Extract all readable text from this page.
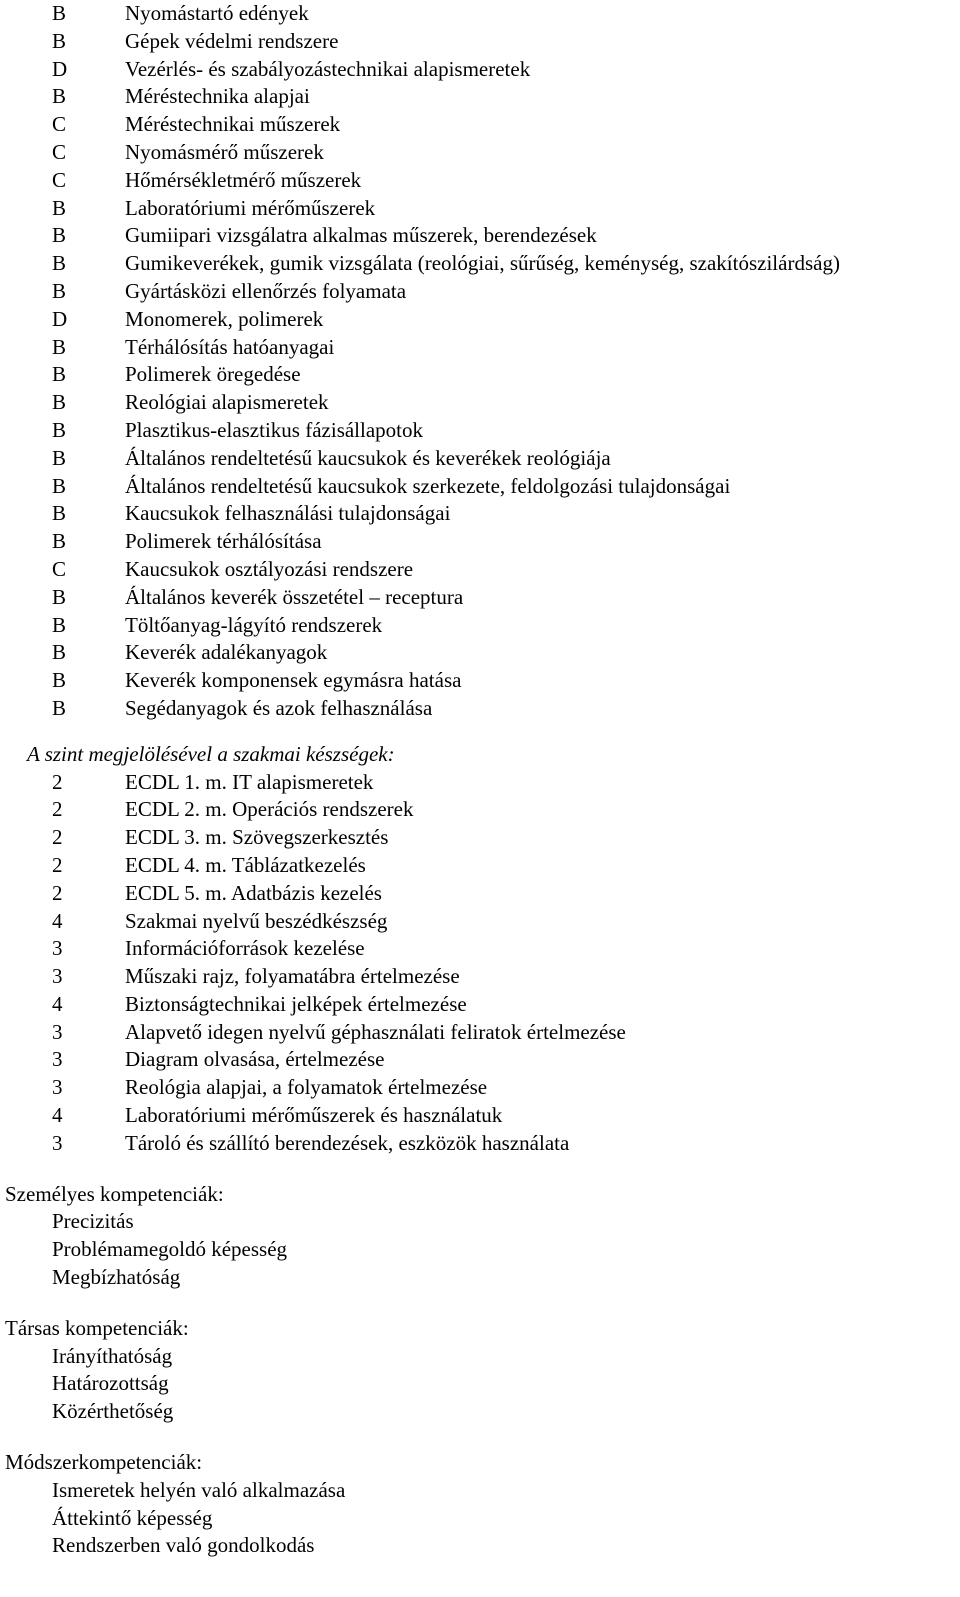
B	Nyomástartó edények
B	Gépek védelmi rendszere
D	Vezérlés- és szabályozástechnikai alapismeretek
B	Méréstechnika alapjai
C	Méréstechnikai műszerek
C	Nyomásmérő műszerek
C	Hőmérsékletmérő műszerek
B	Laboratóriumi mérőműszerek
B	Gumiipari vizsgálatra alkalmas műszerek, berendezések
B	Gumikeverékek, gumik vizsgálata (reológiai, sűrűség, keménység, szakítószilárdság)
B	Gyártásközi ellenőrzés folyamata
D	Monomerek, polimerek
B	Térhálósítás hatóanyagai
B	Polimerek öregedése
B	Reológiai alapismeretek
B	Plasztikus-elasztikus fázisállapotok
B	Általános rendeltetésű kaucsukok és keverékek reológiája
B	Általános rendeltetésű kaucsukok szerkezete, feldolgozási tulajdonságai
B	Kaucsukok felhasználási tulajdonságai
B	Polimerek térhálósítása
C	Kaucsukok osztályozási rendszere
B	Általános keverék összetétel – receptura
B	Töltőanyag-lágyító rendszerek
B	Keverék adalékanyagok
B	Keverék komponensek egymásra hatása
B	Segédanyagok és azok felhasználása
A szint megjelölésével a szakmai készségek:
2	ECDL 1. m. IT alapismeretek
2	ECDL 2. m. Operációs rendszerek
2	ECDL 3. m. Szövegszerkesztés
2	ECDL 4. m. Táblázatkezelés
2	ECDL 5. m. Adatbázis kezelés
4	Szakmai nyelvű beszédkészség
3	Információforrások kezelése
3	Műszaki rajz, folyamatábra értelmezése
4	Biztonságtechnikai jelképek értelmezése
3	Alapvető idegen nyelvű géphasználati feliratok értelmezése
3	Diagram olvasása, értelmezése
3	Reológia alapjai, a folyamatok értelmezése
4	Laboratóriumi mérőműszerek és használatuk
3	Tároló és szállító berendezések, eszközök használata
Személyes kompetenciák:
Precizitás
Problémamegoldó képesség
Megbízhatóság
Társas kompetenciák:
Irányíthatóság
Határozottság
Közérthetőség
Módszerkompetenciák:
Ismeretek helyén való alkalmazása
Áttekintő képesség
Rendszerben való gondolkodás
